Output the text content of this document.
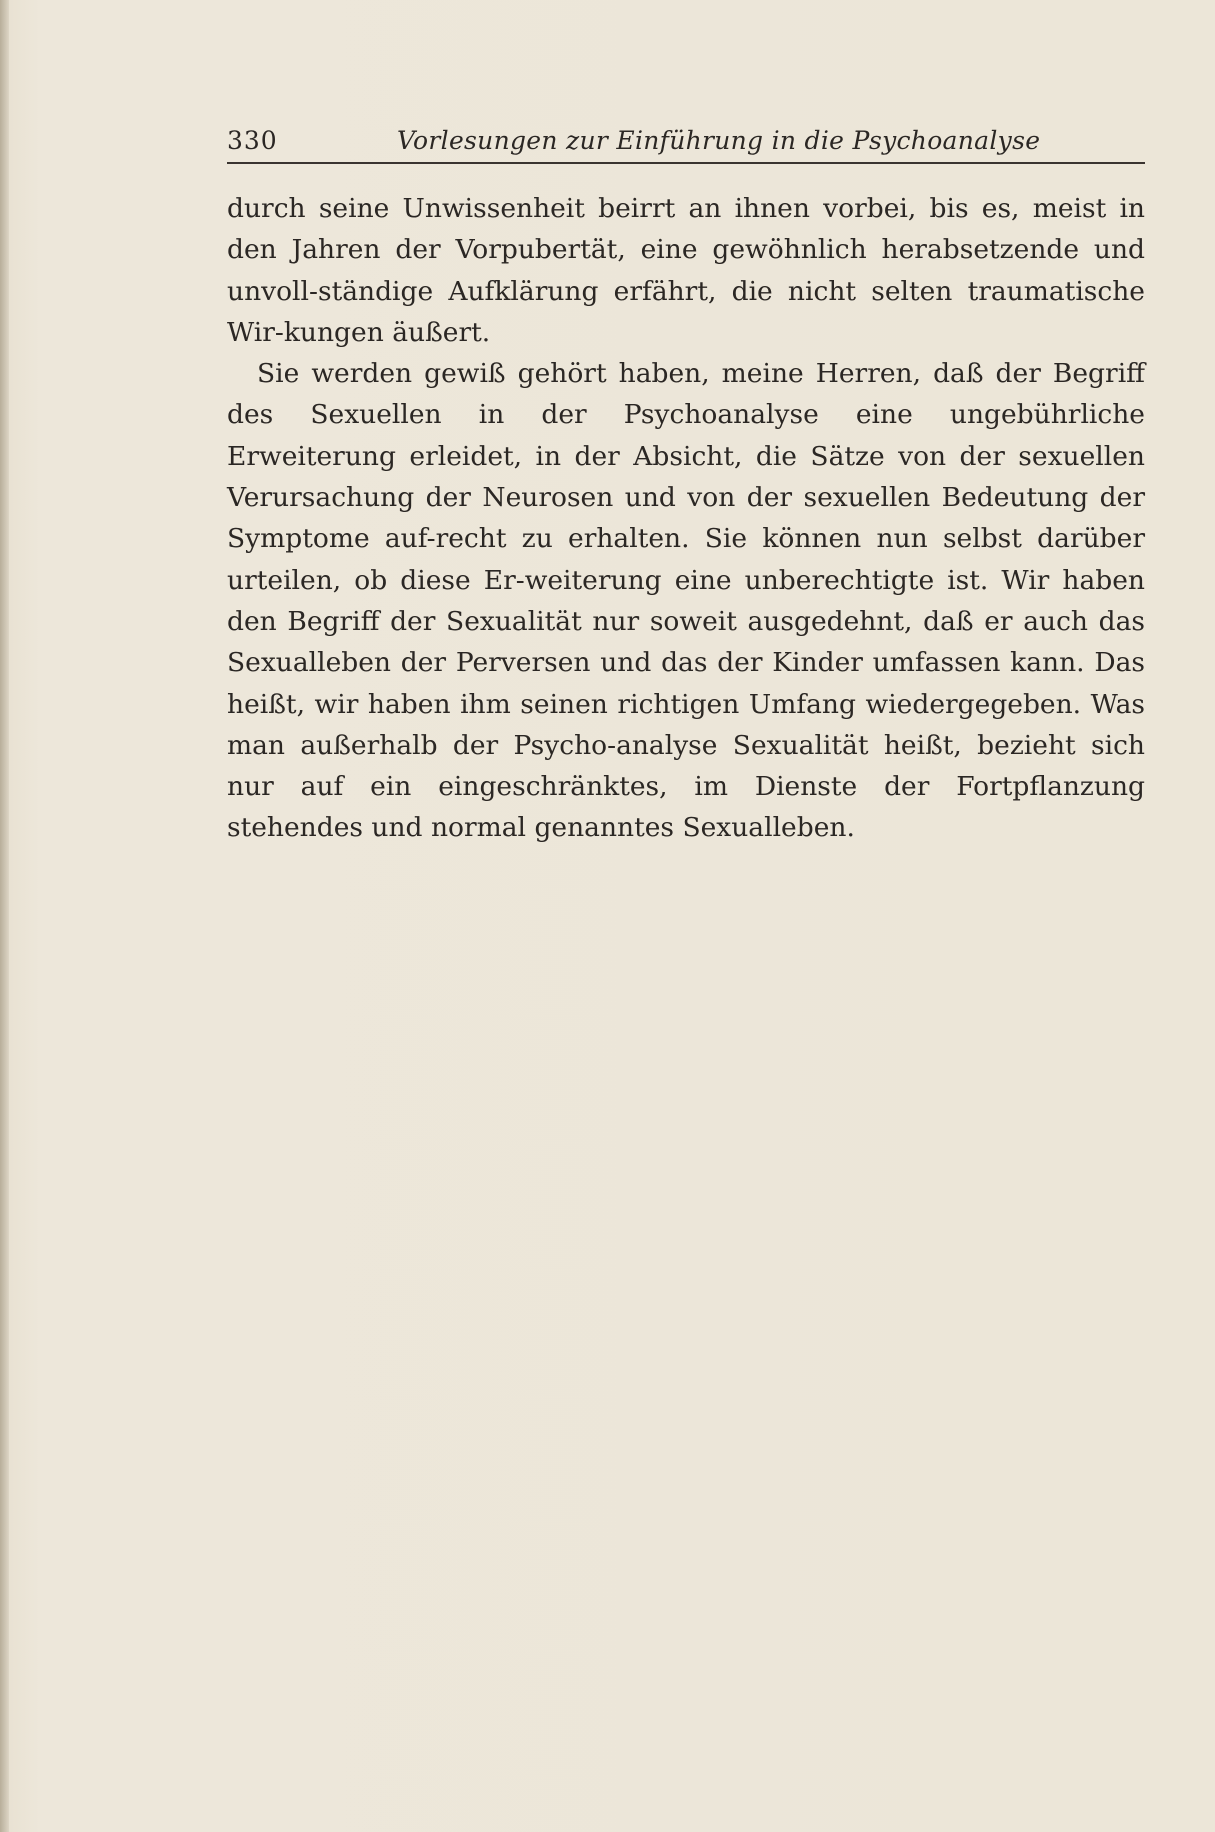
330	Vorlesungen zur Einführung in die Psychoanalyse

durch seine Unwissenheit beirrt an ihnen vorbei, bis es, meist in den Jahren der Vorpubertät, eine gewöhnlich herabsetzende und unvoll-ständige Aufklärung erfährt, die nicht selten traumatische Wir-kungen äußert.

Sie werden gewiß gehört haben, meine Herren, daß der Begriff des Sexuellen in der Psychoanalyse eine ungebührliche Erweiterung erleidet, in der Absicht, die Sätze von der sexuellen Verursachung der Neurosen und von der sexuellen Bedeutung der Symptome auf-recht zu erhalten. Sie können nun selbst darüber urteilen, ob diese Er-weiterung eine unberechtigte ist. Wir haben den Begriff der Sexualität nur soweit ausgedehnt, daß er auch das Sexualleben der Perversen und das der Kinder umfassen kann. Das heißt, wir haben ihm seinen richtigen Umfang wiedergegeben. Was man außerhalb der Psycho-analyse Sexualität heißt, bezieht sich nur auf ein eingeschränktes, im Dienste der Fortpflanzung stehendes und normal genanntes Sexualleben.
